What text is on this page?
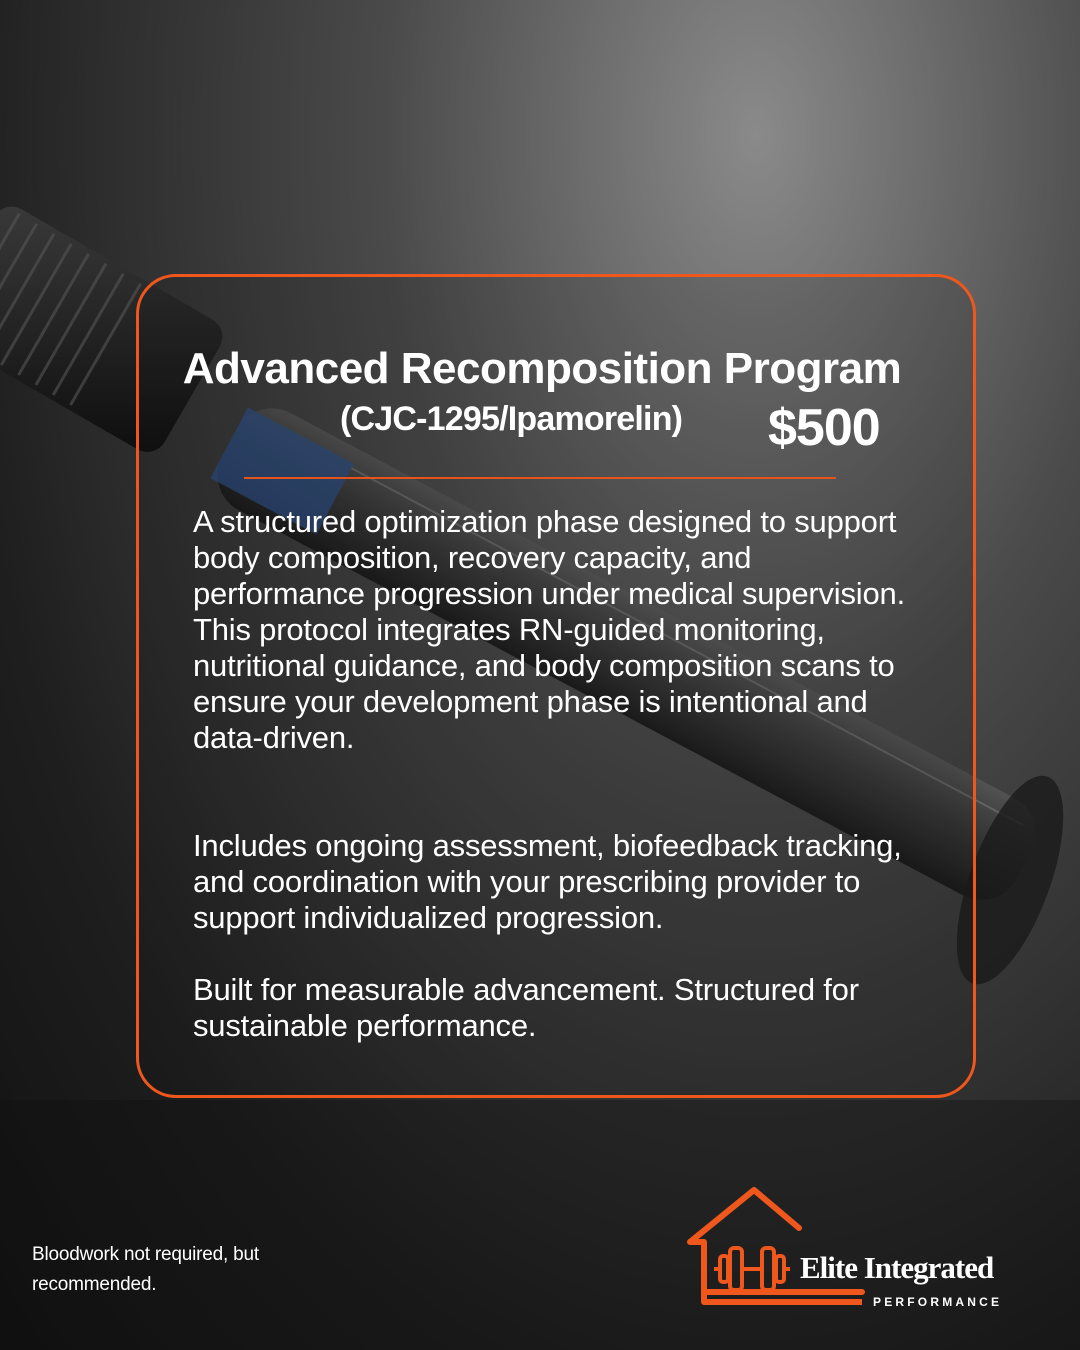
Advanced Recomposition Program
(CJC-1295/Ipamorelin) $500
A structured optimization phase designed to support body composition, recovery capacity, and performance progression under medical supervision. This protocol integrates RN-guided monitoring, nutritional guidance, and body composition scans to ensure your development phase is intentional and data-driven.
Includes ongoing assessment, biofeedback tracking, and coordination with your prescribing provider to support individualized progression.
Built for measurable advancement. Structured for sustainable performance.
Bloodwork not required, but recommended.	Elite Integrated
PERFORMANCE
